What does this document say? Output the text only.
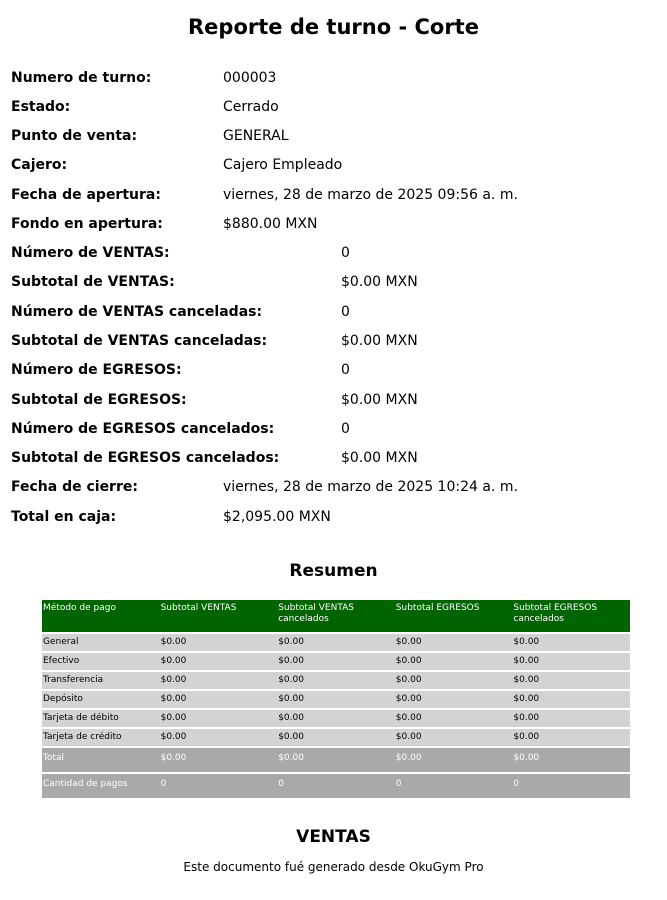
Reporte de turno - Corte
Numero de turno:	000003
Estado:	Cerrado
Punto de venta:	GENERAL
Cajero:	Cajero Empleado
Fecha de apertura:	viernes, 28 de marzo de 2025 09:56 a. m.
Fondo en apertura:	$880.00 MXN
Número de VENTAS:	0
Subtotal de VENTAS:	$0.00 MXN
Número de VENTAS canceladas:	0
Subtotal de VENTAS canceladas:	$0.00 MXN
Número de EGRESOS:	0
Subtotal de EGRESOS:	$0.00 MXN
Número de EGRESOS cancelados:	0
Subtotal de EGRESOS cancelados:	$0.00 MXN
Fecha de cierre:	viernes, 28 de marzo de 2025 10:24 a. m.
Total en caja:	$2,095.00 MXN
Resumen
Método de pago	Subtotal VENTAS	Subtotal VENTAS cancelados	Subtotal EGRESOS	Subtotal EGRESOS cancelados
General	$0.00	$0.00	$0.00	$0.00
Efectivo	$0.00	$0.00	$0.00	$0.00
Transferencia	$0.00	$0.00	$0.00	$0.00
Depósito	$0.00	$0.00	$0.00	$0.00
Tarjeta de débito	$0.00	$0.00	$0.00	$0.00
Tarjeta de crédito	$0.00	$0.00	$0.00	$0.00
Total	$0.00	$0.00	$0.00	$0.00
Cantidad de pagos	0	0	0	0
VENTAS
Este documento fué generado desde OkuGym Pro
